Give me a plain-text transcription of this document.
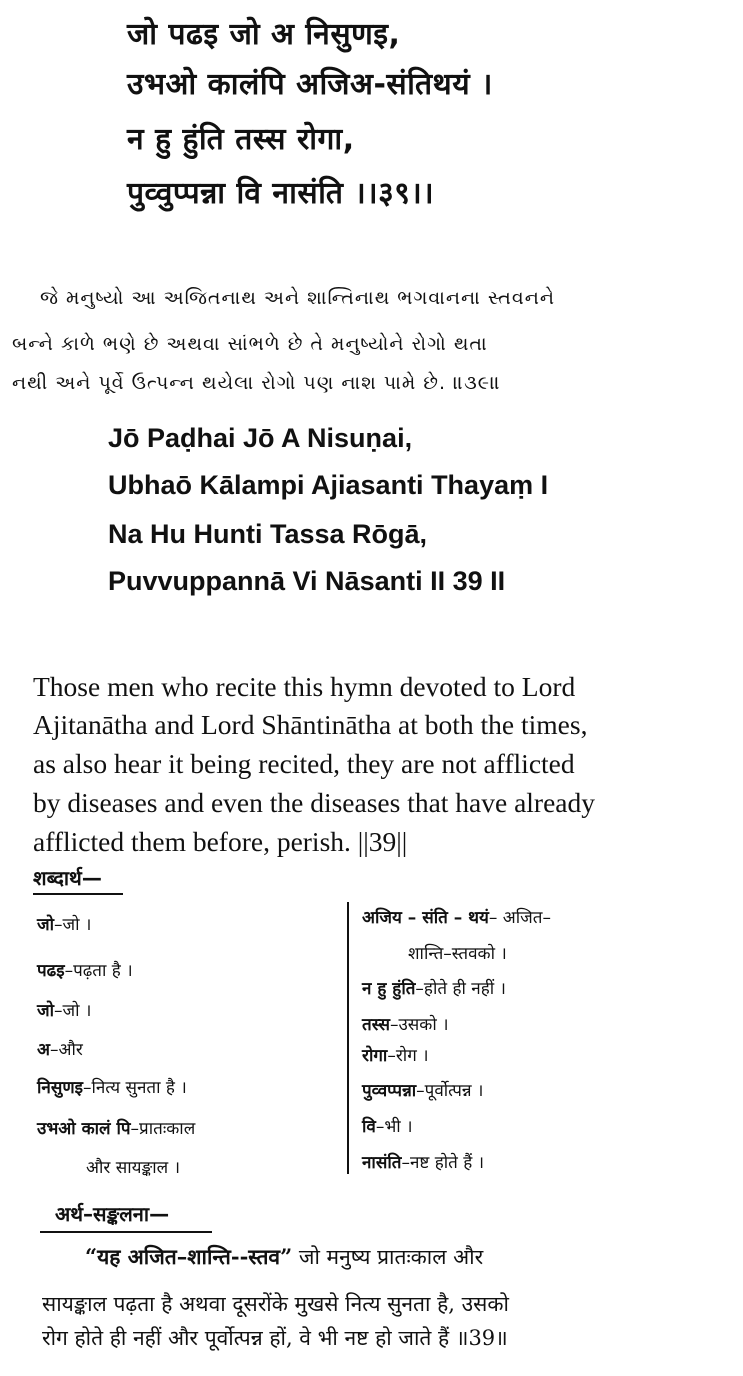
जो पढइ जो अ निसुणइ,
उभओ कालंपि अजिअ-संतिथयं ।
न हु हुंति तस्स रोगा,
पुव्वुप्पन्ना वि नासंति ।।३९।।
જે મનુષ્યો આ અજિતનાથ અને શાન્તિનાથ ભગવાનના સ્તવનને
બન્ને કાળે ભણે છે અથવા સાંભળે છે તે મનુષ્યોને રોગો થતા
નથી અને પૂર્વે ઉત્પન્ન થયેલા રોગો પણ નાશ પામે છે. ॥૩૯॥
Jō Paḍhai Jō A Nisuṇai,
Ubhaō Kālampi Ajiasanti Thayaṃ I
Na Hu Hunti Tassa Rōgā,
Puvvuppannā Vi Nāsanti II 39 II
Those men who recite this hymn devoted to Lord
Ajitanātha and Lord Shāntinātha at both the times,
as also hear it being recited, they are not afflicted
by diseases and even the diseases that have already
afflicted them before, perish. ||39||
शब्दार्थ—
जो–जो ।
पढइ–पढ़ता है ।
जो–जो ।
अ–और
निसुणइ–नित्य सुनता है ।
उभओ कालं पि–प्रातःकाल
और सायङ्काल ।
अजिय – संति – थयं– अजित–
शान्ति–स्तवको ।
न हु हुंति–होते ही नहीं ।
तस्स–उसको ।
रोगा–रोग ।
पुव्वप्पन्ना–पूर्वोत्पन्न ।
वि–भी ।
नासंति–नष्ट होते हैं ।
अर्थ–सङ्कलना—
“यह अजित–शान्ति--स्तव” जो मनुष्य प्रातःकाल और
सायङ्काल पढ़ता है अथवा दूसरोंके मुखसे नित्य सुनता है, उसको
रोग होते ही नहीं और पूर्वोत्पन्न हों, वे भी नष्ट हो जाते हैं ॥39॥
